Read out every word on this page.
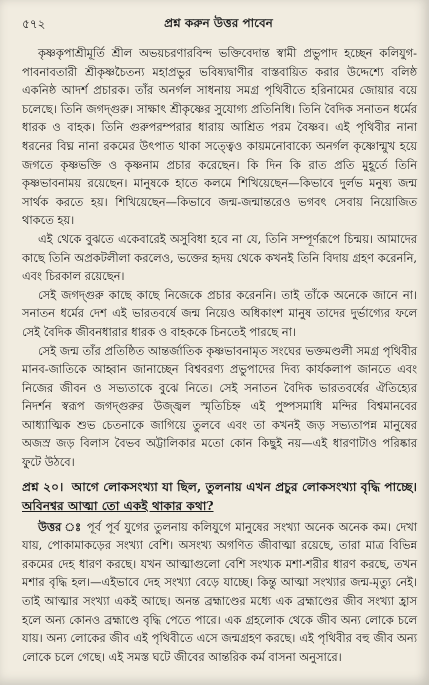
৫৭২	প্রশ্ন করুন উত্তর পাবেন

কৃষ্ণকৃপাশ্রীমূর্তি শ্রীল অভয়চরণারবিন্দ ভক্তিবেদান্ত স্বামী প্রভুপাদ হচ্ছেন কলিযুগ-পাবনাবতারী শ্রীকৃষ্ণচৈতন্য মহাপ্রভুর ভবিষ্যদ্বাণীর বাস্তবায়িত করার উদ্দেশ্যে বলিষ্ঠ একনিষ্ঠ আদর্শ প্রচারক। তাঁর অনর্গল সাধনায় সমগ্র পৃথিবীতে হরিনামের জোয়ার বয়ে চলেছে। তিনি জগদ্গুরু। সাক্ষাৎ শ্রীকৃষ্ণের সুযোগ্য প্রতিনিধি। তিনি বৈদিক সনাতন ধর্মের ধারক ও বাহক। তিনি গুরুপরম্পরার ধারায় আশ্রিত পরম বৈষ্ণব। এই পৃথিবীর নানা ধরনের বিঘ্ন নানা রকমের উৎপাত থাকা সত্ত্বেও কায়মনোবাক্যে অনর্গল কৃষ্ণোন্মুখ হয়ে জগতে কৃষ্ণভক্তি ও কৃষ্ণনাম প্রচার করেছেন। কি দিন কি রাত প্রতি মুহূর্তে তিনি কৃষ্ণভাবনাময় রয়েছেন। মানুষকে হাতে কলমে শিখিয়েছেন—কিভাবে দুর্লভ মনুষ্য জন্ম সার্থক করতে হয়। শিখিয়েছেন—কিভাবে জন্ম-জন্মান্তরেও ভগবৎ সেবায় নিয়োজিত থাকতে হয়।

এই থেকে বুঝতে একেবারেই অসুবিধা হবে না যে, তিনি সম্পূর্ণরূপে চিন্ময়। আমাদের কাছে তিনি অপ্রকটলীলা করলেও, ভক্তের হৃদয় থেকে কখনই তিনি বিদায় গ্রহণ করেননি, এবং চিরকাল রয়েছেন।

সেই জগদ্গুরু কাছে কাছে নিজেকে প্রচার করেননি। তাই তাঁকে অনেকে জানে না। সনাতন ধর্মের দেশ এই ভারতবর্ষে জন্ম নিয়েও অধিকাংশ মানুষ তাদের দুর্ভাগ্যের ফলে সেই বৈদিক জীবনধারার ধারক ও বাহককে চিনতেই পারছে না।

সেই জন্ম তাঁর প্রতিষ্ঠিত আন্তর্জাতিক কৃষ্ণভাবনামৃত সংঘের ভক্তমণ্ডলী সমগ্র পৃথিবীর মানব-জাতিকে আহ্বান জানাচ্ছেন বিশ্ববরণ্য প্রভুপাদের দিব্য কার্যকলাপ জানতে এবং নিজের জীবন ও সভ্যতাকে বুঝে নিতে। সেই সনাতন বৈদিক ভারতবর্ষের ঐতিহ্যের নিদর্শন স্বরূপ জগদ্গুরুর উজ্জ্বল স্মৃতিচিহ্ন এই পুষ্পসমাধি মন্দির বিশ্বমানবের আধ্যাত্মিক শুভ চেতনাকে জাগিয়ে তুলবে এবং তা কখনই জড় সভ্যতাপন্ন মানুষের অজস্র জড় বিলাস বৈভব অট্টালিকার মতো কোন কিছুই নয়—এই ধারণাটাও পরিষ্কার ফুটে উঠবে।

প্রশ্ন ২০। আগে লোকসংখ্যা যা ছিল, তুলনায় এখন প্রচুর লোকসংখ্যা বৃদ্ধি পাচ্ছে। অবিনশ্বর আত্মা তো একই থাকার কথা?

উত্তর ঃ পূর্ব পূর্ব যুগের তুলনায় কলিযুগে মানুষের সংখ্যা অনেক অনেক কম। দেখা যায়, পোকামাকড়ের সংখ্যা বেশি। অসংখ্য অগণিত জীবাত্মা রয়েছে, তারা মাত্র বিভিন্ন রকমের দেহ ধারণ করছে। যখন আত্মাগুলো বেশি সংখ্যক মশা-শরীর ধারণ করছে, তখন মশার বৃদ্ধি হল।—এইভাবে দেহ সংখ্যা বেড়ে যাচ্ছে। কিন্তু আত্মা সংখ্যার জন্ম-মৃত্যু নেই। তাই আত্মার সংখ্যা একই আছে। অনন্ত ব্রহ্মাণ্ডের মধ্যে এক ব্রহ্মাণ্ডের জীব সংখ্যা হ্রাস হলে অন্য কোনও ব্রহ্মাণ্ডে বৃদ্ধি পেতে পারে। এক গ্রহলোক থেকে জীব অন্য লোকে চলে যায়। অন্য লোকের জীব এই পৃথিবীতে এসে জন্মগ্রহণ করছে। এই পৃথিবীর বহু জীব অন্য লোকে চলে গেছে। এই সমস্ত ঘটে জীবের আন্তরিক কর্ম বাসনা অনুসারে।
